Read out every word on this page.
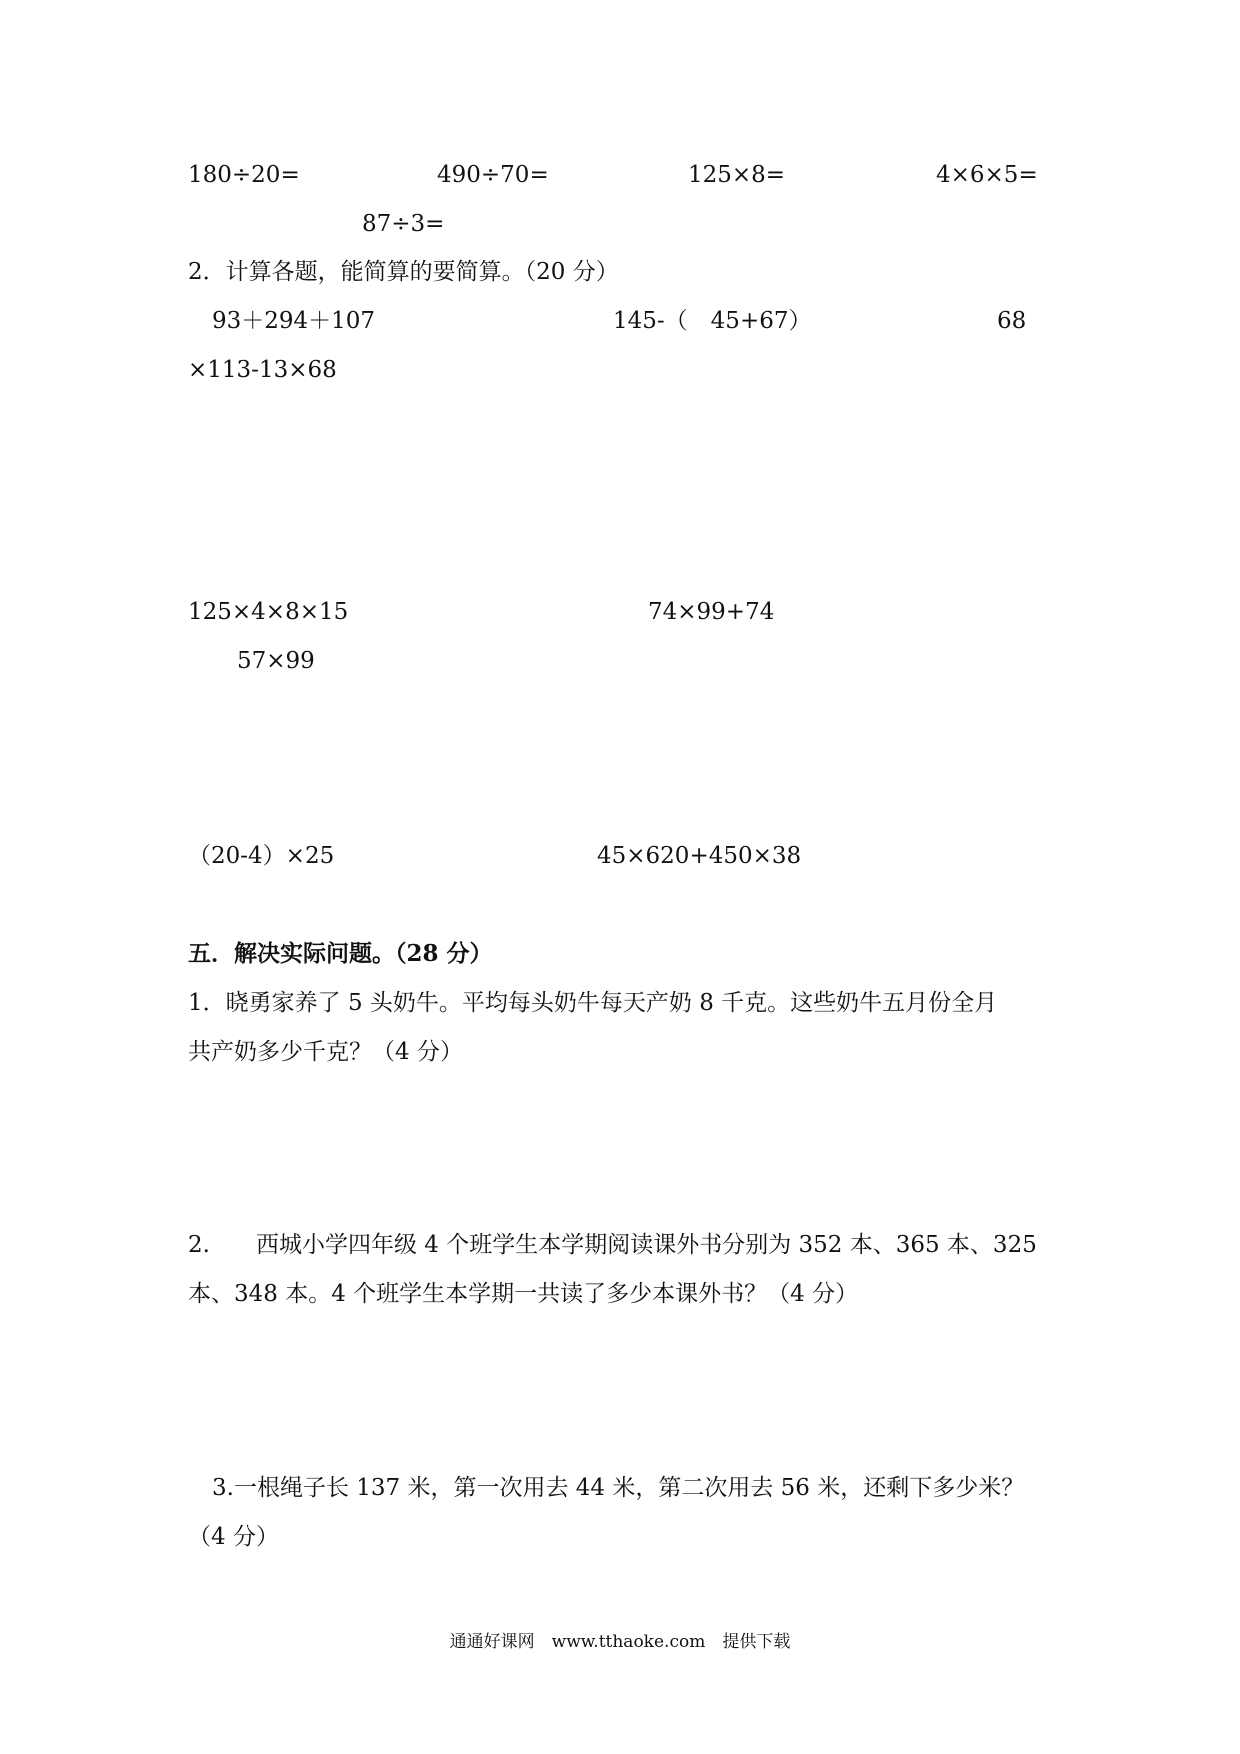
180÷20=	490÷70=	125×8=	4×6×5=
87÷3=
2．计算各题，能简算的要简算。（20 分）
93＋294＋107	145-（　45+67）	68
×113-13×68
125×4×8×15	74×99+74
57×99
（20-4）×25	45×620+450×38
五．解决实际问题。（28 分）
1．晓勇家养了 5 头奶牛。平均每头奶牛每天产奶 8 千克。这些奶牛五月份全月
共产奶多少千克？（4 分）
2.　　西城小学四年级 4 个班学生本学期阅读课外书分别为 352 本、365 本、325
本、348 本。4 个班学生本学期一共读了多少本课外书？（4 分）
3.一根绳子长 137 米，第一次用去 44 米，第二次用去 56 米，还剩下多少米？
（4 分）
通通好课网　www.tthaoke.com　提供下载
